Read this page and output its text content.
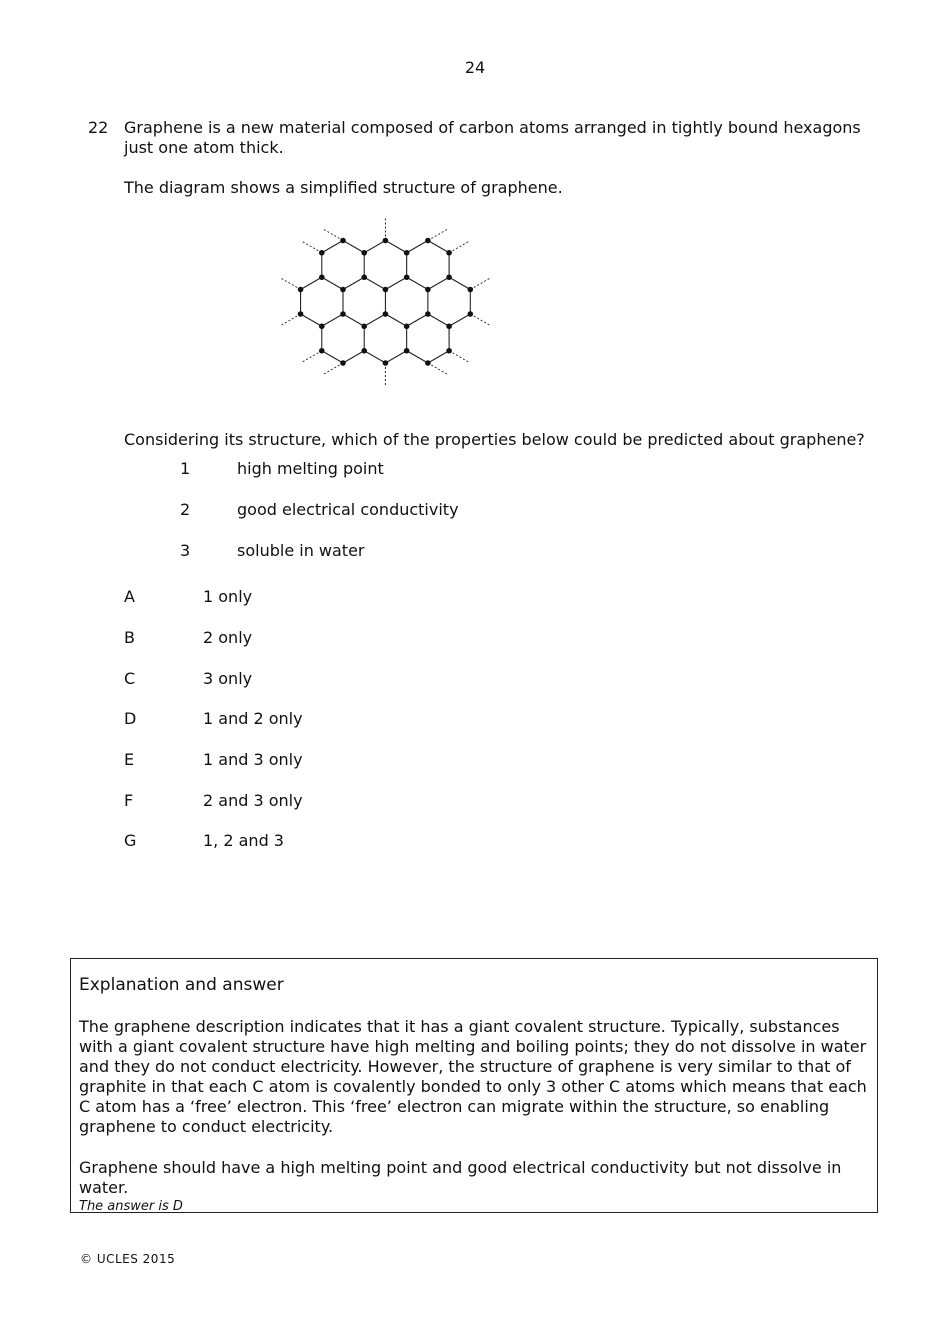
24
22 Graphene is a new material composed of carbon atoms arranged in tightly bound hexagons just one atom thick.
The diagram shows a simplified structure of graphene.
Considering its structure, which of the properties below could be predicted about graphene?
1	high melting point
2	good electrical conductivity
3	soluble in water
A	1 only
B	2 only
C	3 only
D	1 and 2 only
E	1 and 3 only
F	2 and 3 only
G	1, 2 and 3
Explanation and answer
The graphene description indicates that it has a giant covalent structure. Typically, substances with a giant covalent structure have high melting and boiling points; they do not dissolve in water and they do not conduct electricity. However, the structure of graphene is very similar to that of graphite in that each C atom is covalently bonded to only 3 other C atoms which means that each C atom has a ‘free’ electron. This ‘free’ electron can migrate within the structure, so enabling graphene to conduct electricity.
Graphene should have a high melting point and good electrical conductivity but not dissolve in water.
The answer is D
© UCLES 2015
